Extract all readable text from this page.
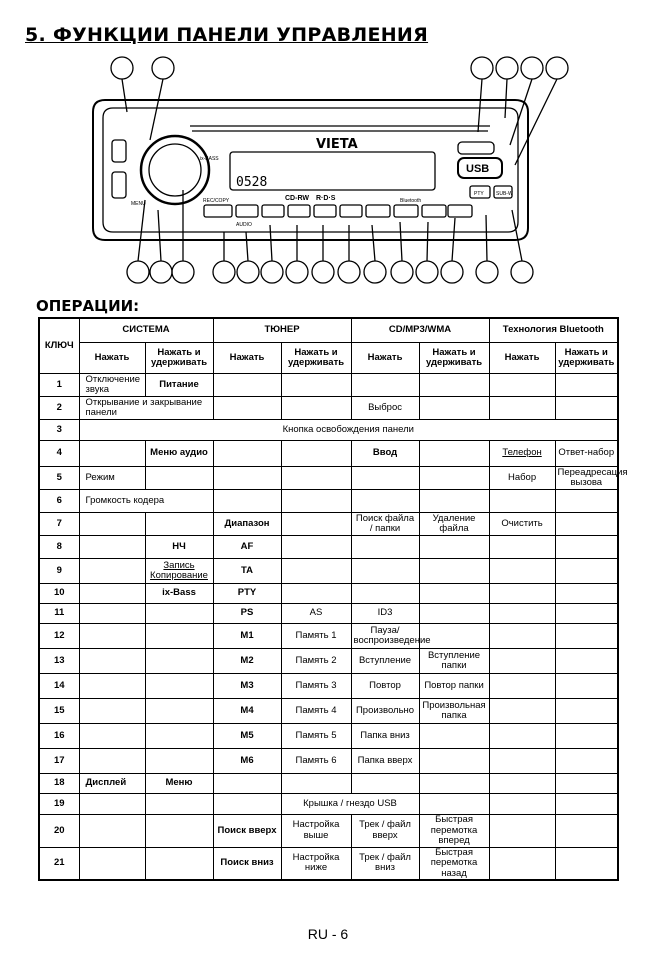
5. ФУНКЦИИ ПАНЕЛИ УПРАВЛЕНИЯ
VIETA
0528
CD-RW R·D·S
USB
ix-BASS
MENU	REC/COPY
AUDIO
Bluetooth
PTY SUB-W
ОПЕРАЦИИ:
КЛЮЧ	СИСТЕМА		ТЮНЕР		CD/MP3/WMA		Технология Bluetooth	
	Нажать	Нажать и удерживать	Нажать	Нажать и удерживать	Нажать	Нажать и удерживать	Нажать	Нажать и удерживать
1	Отключение звука	Питание						
2	Открывание и закрывание панели				Выброс			
3	Кнопка освобождения панели							
4		Меню аудио			Ввод		Телефон	Ответ-набор
5	Режим						Набор	Переадресация вызова
6	Громкость кодера							
7			Диапазон		Поиск файла / папки	Удаление файла	Очистить	
8		НЧ	AF					
9		Запись Копирование	TA					
10		ix-Bass	PTY					
11			PS	AS	ID3			
12			M1	Память 1	Пауза/ воспроизведение			
13			M2	Память 2	Вступление	Вступление папки		
14			M3	Память 3	Повтор	Повтор папки		
15			M4	Память 4	Произвольно	Произвольная папка		
16			M5	Память 5	Папка вниз			
17			M6	Память 6	Папка вверх			
18	Дисплей	Меню						
19				Крышка / гнездо USB				
20			Поиск вверх	Настройка выше	Трек / файл вверх	Быстрая перемотка вперед		
21			Поиск вниз	Настройка ниже	Трек / файл вниз	Быстрая перемотка назад		
RU - 6
